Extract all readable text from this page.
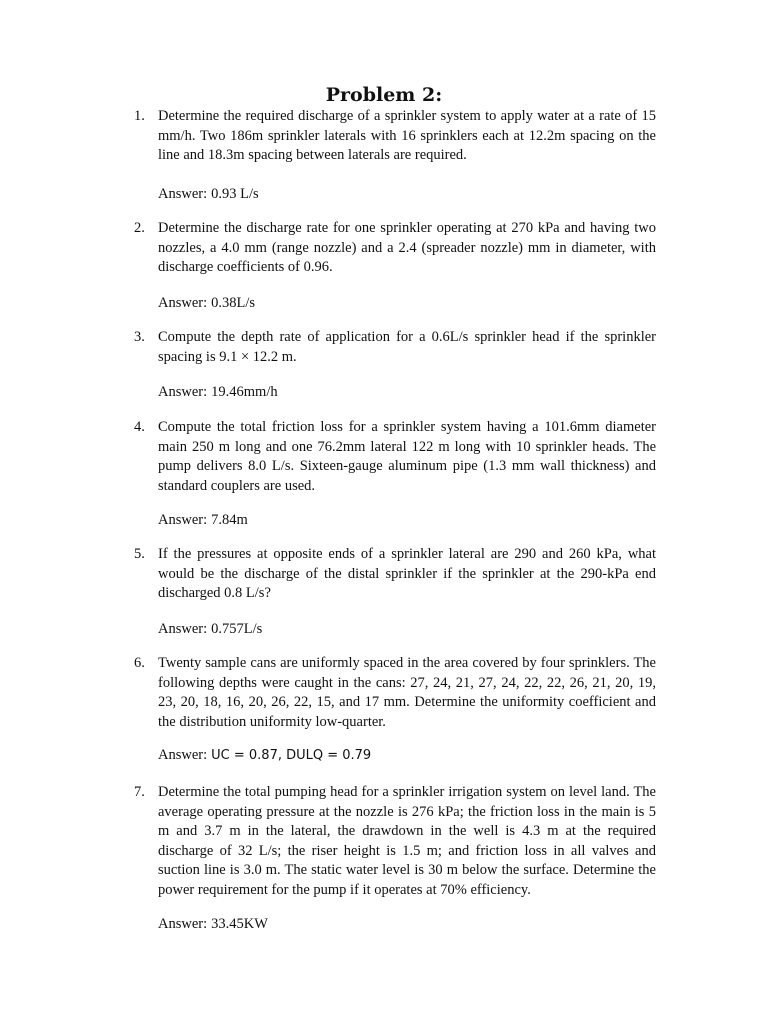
Problem 2:
1. Determine the required discharge of a sprinkler system to apply water at a rate of 15 mm/h. Two 186m sprinkler laterals with 16 sprinklers each at 12.2m spacing on the line and 18.3m spacing between laterals are required.
Answer: 0.93 L/s
2. Determine the discharge rate for one sprinkler operating at 270 kPa and having two nozzles, a 4.0 mm (range nozzle) and a 2.4 (spreader nozzle) mm in diameter, with discharge coefficients of 0.96.
Answer: 0.38L/s
3. Compute the depth rate of application for a 0.6L/s sprinkler head if the sprinkler spacing is 9.1 × 12.2 m.
Answer: 19.46mm/h
4. Compute the total friction loss for a sprinkler system having a 101.6mm diameter main 250 m long and one 76.2mm lateral 122 m long with 10 sprinkler heads. The pump delivers 8.0 L/s. Sixteen-gauge aluminum pipe (1.3 mm wall thickness) and standard couplers are used.
Answer: 7.84m
5. If the pressures at opposite ends of a sprinkler lateral are 290 and 260 kPa, what would be the discharge of the distal sprinkler if the sprinkler at the 290-kPa end discharged 0.8 L/s?
Answer: 0.757L/s
6. Twenty sample cans are uniformly spaced in the area covered by four sprinklers. The following depths were caught in the cans: 27, 24, 21, 27, 24, 22, 22, 26, 21, 20, 19, 23, 20, 18, 16, 20, 26, 22, 15, and 17 mm. Determine the uniformity coefficient and the distribution uniformity low-quarter.
Answer: UC = 0.87, DULQ = 0.79
7. Determine the total pumping head for a sprinkler irrigation system on level land. The average operating pressure at the nozzle is 276 kPa; the friction loss in the main is 5 m and 3.7 m in the lateral, the drawdown in the well is 4.3 m at the required discharge of 32 L/s; the riser height is 1.5 m; and friction loss in all valves and suction line is 3.0 m. The static water level is 30 m below the surface. Determine the power requirement for the pump if it operates at 70% efficiency.
Answer: 33.45KW
